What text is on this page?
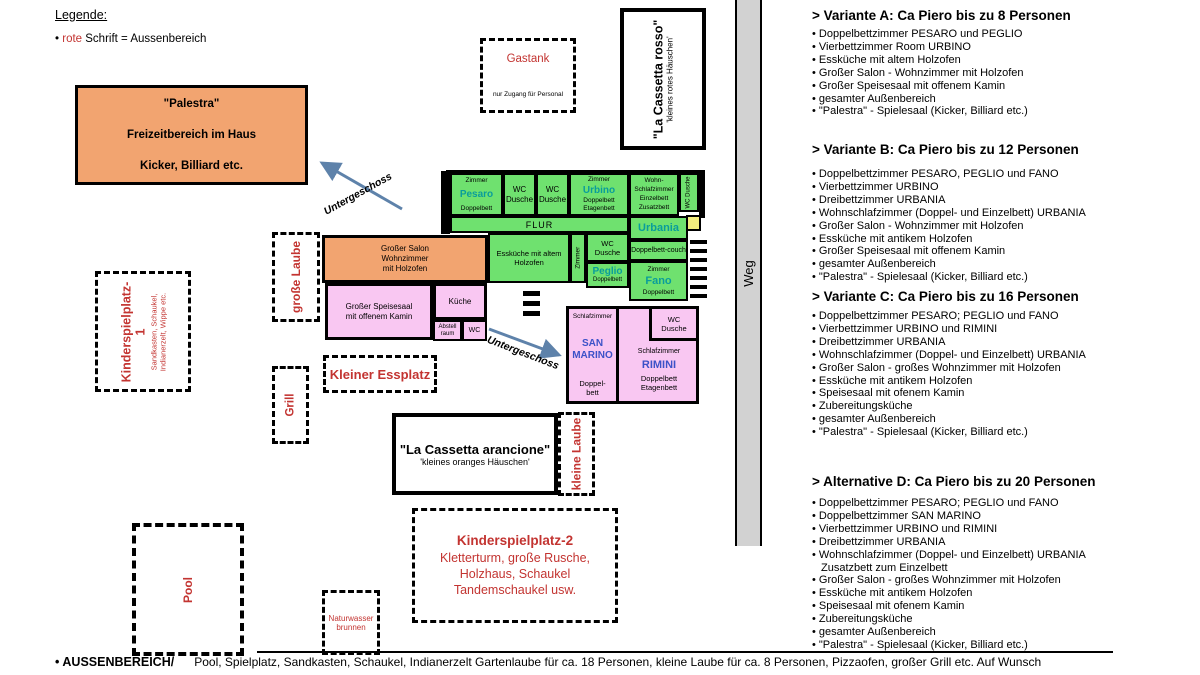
Legende:
• rote Schrift = Aussenbereich
"Palestra"
Freizeitbereich im Haus
Kicker, Billiard etc.
Gastank
nur Zugang für Personal	"La Cassetta rosso" 'kleines rotes Häuschen'
Weg
Zimmer
Pesaro
Doppelbett
WC
Dusche
WC
Dusche
Zimmer
Urbino
Doppelbett
Etagenbett
Wohn-
Schlafzimmer
Einzelbett
Zusatzbett	WC Dusche
FLUR	Urbania
Doppelbett-couch
Essküche mit altem Holzofen	Zimmer
WC
Dusche
Peglio
Doppelbett
Zimmer
Fano
Doppelbett
Großer Salon
Wohnzimmer
mit Holzofen
Großer Speisesaal
mit offenem Kamin
Küche
Abstell
raum WC
Kleiner Essplatz
große Laube
Grill
Kinderspielplatz- 1 Sandkasten, Schaukel, Indianerzelt, Wippe etc.	Schlafzimmer
SAN
MARINO
Doppel-
bett
WC
Dusche
Schlafzimmer
RIMINI
Doppelbett
Etagenbett
"La Cassetta arancione"
'kleines oranges Häuschen'	kleine Laube
Kinderspielplatz-2
Kletterturm, große Rusche,
Holzhaus, Schaukel
Tandemschaukel usw.
Pool
Naturwasser
brunnen
Untergeschoss
Untergeschoss
> Variante A: Ca Piero bis zu 8 Personen
• Doppelbettzimmer PESARO und PEGLIO
• Vierbettzimmer Room URBINO
• Essküche mit altem Holzofen
• Großer Salon - Wohnzimmer mit Holzofen
• Großer Speisesaal mit offenem Kamin
• gesamter Außenbereich
• "Palestra" - Spielesaal (Kicker, Billiard etc.)
> Variante B: Ca Piero bis zu 12 Personen
• Doppelbettzimmer PESARO, PEGLIO und FANO
• Vierbettzimmer URBINO
• Dreibettzimmer URBANIA
• Wohnschlafzimmer (Doppel- und Einzelbett) URBANIA
• Großer Salon - Wohnzimmer mit Holzofen
• Essküche mit antikem Holzofen
• Großer Speisesaal mit offenem Kamin
• gesamter Außenbereich
• "Palestra" - Spielesaal (Kicker, Billiard etc.)
> Variante C: Ca Piero bis zu 16 Personen
• Doppelbettzimmer PESARO; PEGLIO und FANO
• Vierbettzimmer URBINO und RIMINI
• Dreibettzimmer URBANIA
• Wohnschlafzimmer (Doppel- und Einzelbett) URBANIA
• Großer Salon - großes Wohnzimmer mit Holzofen
• Essküche mit antikem Holzofen
• Speisesaal mit ofenem Kamin
• Zubereitungsküche
• gesamter Außenbereich
• "Palestra" - Spielesaal (Kicker, Billiard etc.)
> Alternative D: Ca Piero bis zu 20 Personen
• Doppelbettzimmer PESARO; PEGLIO und FANO
• Doppelbettzimmer SAN MARINO
• Vierbettzimmer URBINO und RIMINI
• Dreibettzimmer URBANIA
• Wohnschlafzimmer (Doppel- und Einzelbett) URBANIA
Zusatzbett zum Einzelbett
• Großer Salon - großes Wohnzimmer mit Holzofen
• Essküche mit antikem Holzofen
• Speisesaal mit ofenem Kamin
• Zubereitungsküche
• gesamter Außenbereich
• "Palestra" - Spielesaal (Kicker, Billiard etc.)
• AUSSENBEREICH/ Pool, Spielplatz, Sandkasten, Schaukel, Indianerzelt Gartenlaube für ca. 18 Personen, kleine Laube für ca. 8 Personen, Pizzaofen, großer Grill etc. Auf Wunsch
